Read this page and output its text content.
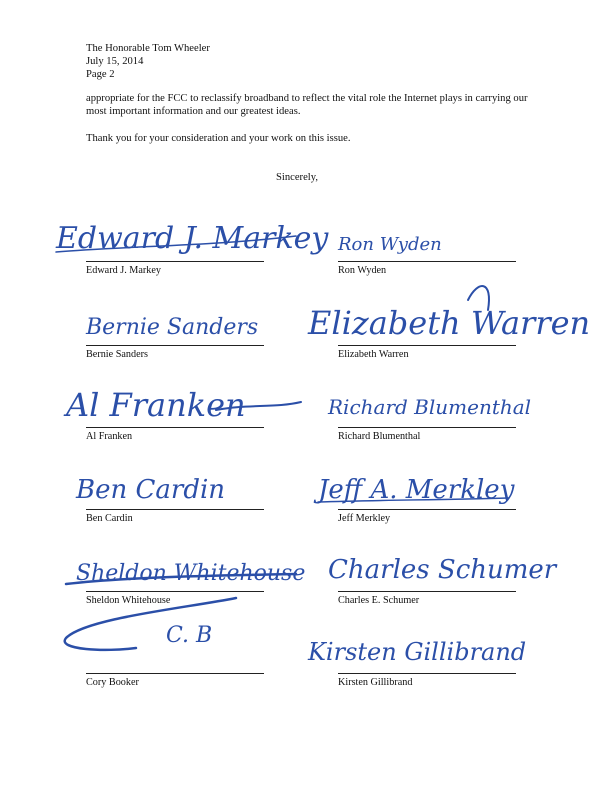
The Honorable Tom Wheeler
July 15, 2014
Page 2

appropriate for the FCC to reclassify broadband to reflect the vital role the Internet plays in carrying our most important information and our greatest ideas.

Thank you for your consideration and your work on this issue.

Sincerely,
Edward J. Markey
Edward J. Markey
Ron Wyden
Ron Wyden
Bernie Sanders
Bernie Sanders
Elizabeth Warren
Elizabeth Warren
Al Franken
Al Franken
Richard Blumenthal
Richard Blumenthal
Ben Cardin
Ben Cardin
Jeff A. Merkley
Jeff Merkley
Sheldon Whitehouse
Sheldon Whitehouse
Charles Schumer
Charles E. Schumer
C. B
Cory Booker
Kirsten Gillibrand
Kirsten Gillibrand
